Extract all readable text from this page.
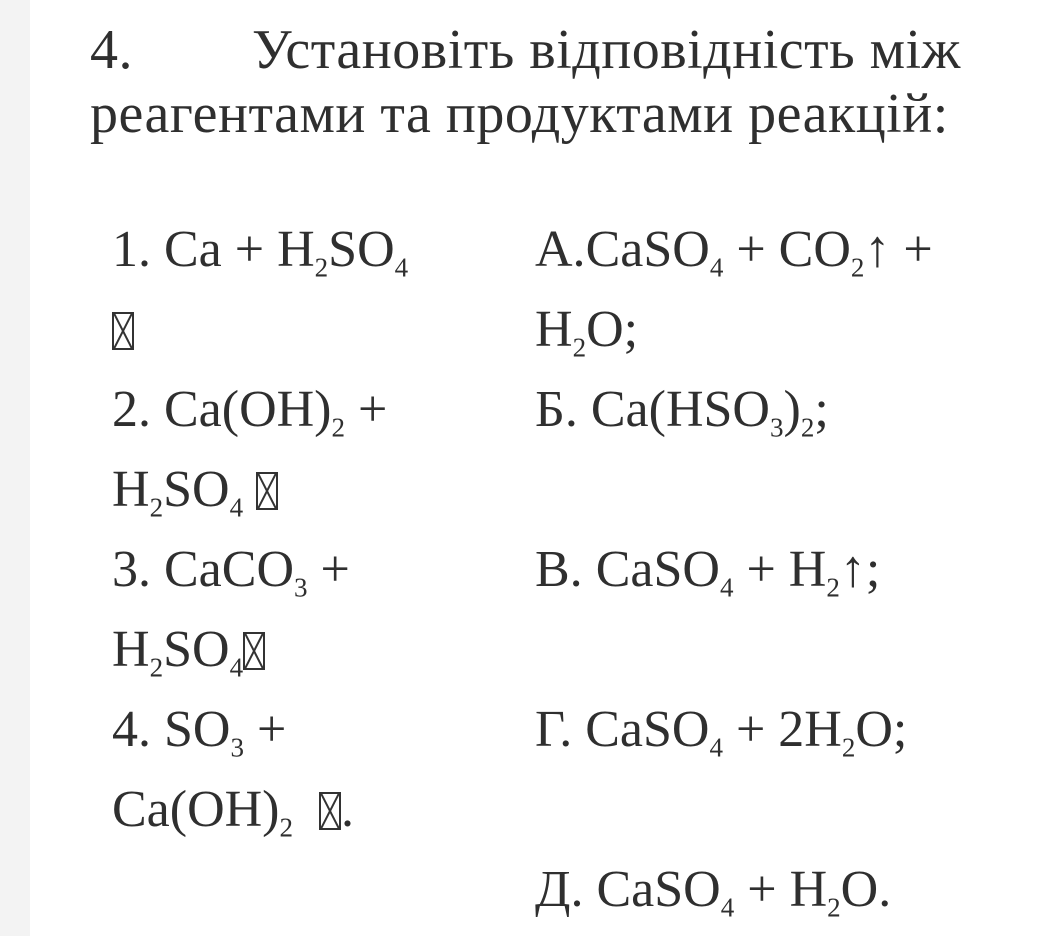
4. Установіть відповідність між реагентами та продуктами реакцій:
1. $Ca + H_2SO_4$
2. $Ca(OH)_2$ +
$H_2SO_4$
3. CaCO$_3$ +
$H_2SO_4$
4. $SO_3$ +
$Ca(OH)_2$ .
А.CaSO$_4$ + $CO_2↑$ +
$H_2O$;
Б. $Ca(HSO_3)_2$;
В. CaSO$_4$ + $H_2↑$;
Г. CaSO$_4$ + $2H_2O$;
Д. CaSO$_4$ + $H_2O$.
